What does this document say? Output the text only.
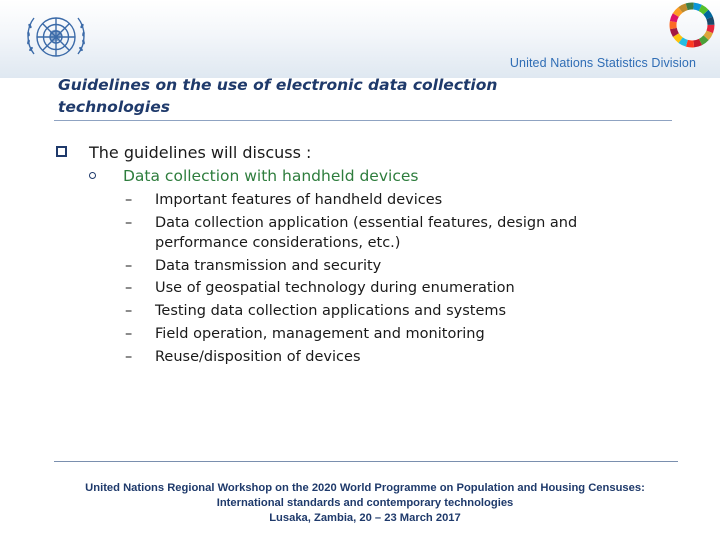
United Nations Statistics Division
Guidelines on the use of electronic data collection
technologies
The guidelines will discuss :
Data collection with handheld devices
– Important features of handheld devices
– Data collection application (essential features, design and
performance considerations, etc.)
– Data transmission and security
– Use of geospatial technology during enumeration
– Testing data collection applications and systems
– Field operation, management and monitoring
– Reuse/disposition of devices
United Nations Regional Workshop on the 2020 World Programme on Population and Housing Censuses:
International standards and contemporary technologies
Lusaka, Zambia, 20 – 23 March 2017
